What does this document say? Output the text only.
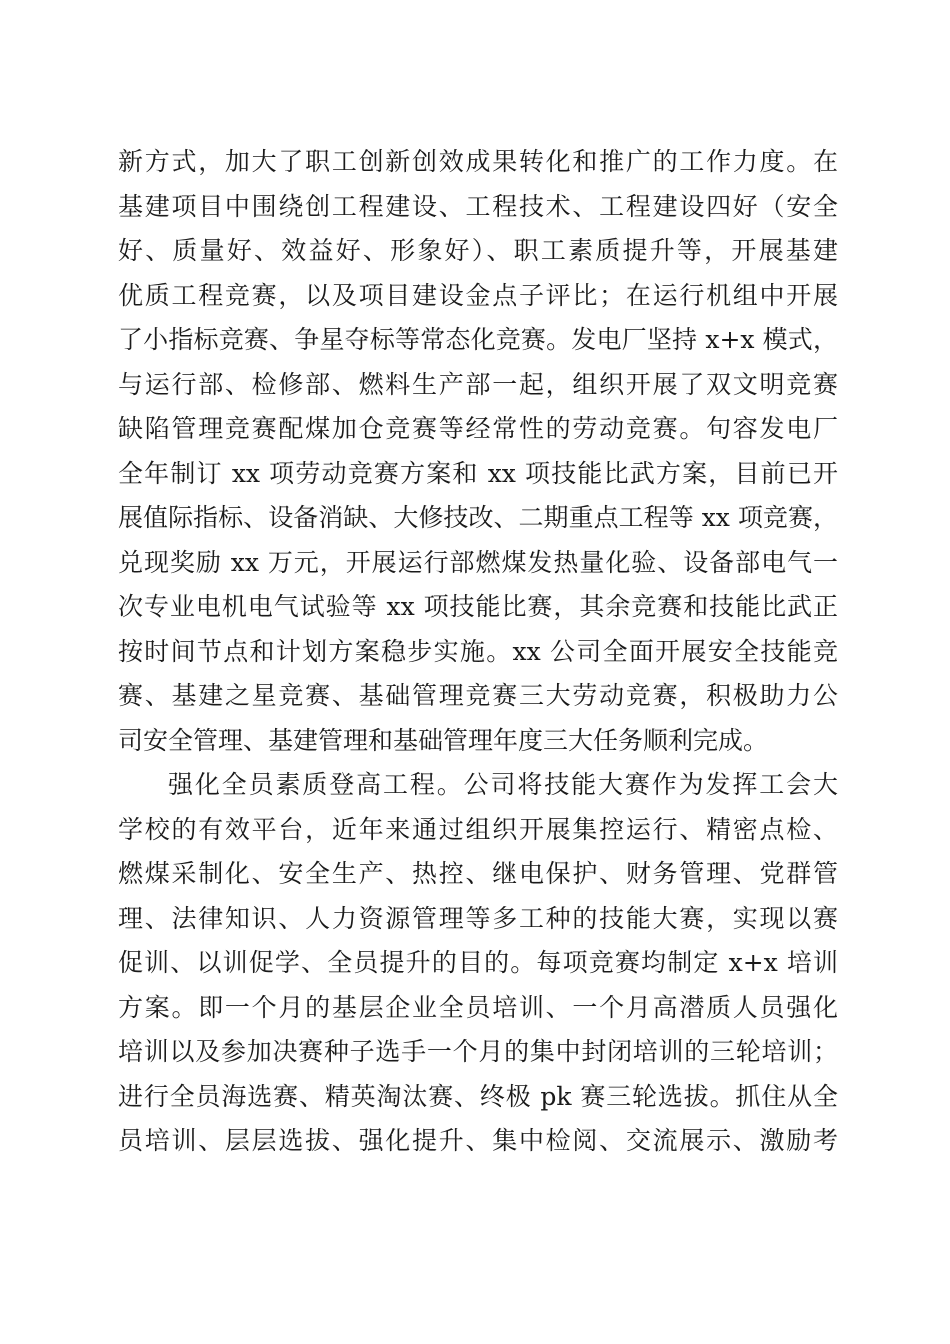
新方式，加大了职工创新创效成果转化和推广的工作力度。在
基建项目中围绕创工程建设、工程技术、工程建设四好（安全
好、质量好、效益好、形象好）、职工素质提升等，开展基建
优质工程竞赛，以及项目建设金点子评比；在运行机组中开展
了小指标竞赛、争星夺标等常态化竞赛。发电厂坚持 x+x 模式，
与运行部、检修部、燃料生产部一起，组织开展了双文明竞赛
缺陷管理竞赛配煤加仓竞赛等经常性的劳动竞赛。句容发电厂
全年制订 xx 项劳动竞赛方案和 xx 项技能比武方案，目前已开
展值际指标、设备消缺、大修技改、二期重点工程等 xx 项竞赛，
兑现奖励 xx 万元，开展运行部燃煤发热量化验、设备部电气一
次专业电机电气试验等 xx 项技能比赛，其余竞赛和技能比武正
按时间节点和计划方案稳步实施。xx 公司全面开展安全技能竞
赛、基建之星竞赛、基础管理竞赛三大劳动竞赛，积极助力公
司安全管理、基建管理和基础管理年度三大任务顺利完成。
强化全员素质登高工程。公司将技能大赛作为发挥工会大
学校的有效平台，近年来通过组织开展集控运行、精密点检、
燃煤采制化、安全生产、热控、继电保护、财务管理、党群管
理、法律知识、人力资源管理等多工种的技能大赛，实现以赛
促训、以训促学、全员提升的目的。每项竞赛均制定 x+x 培训
方案。即一个月的基层企业全员培训、一个月高潜质人员强化
培训以及参加决赛种子选手一个月的集中封闭培训的三轮培训；
进行全员海选赛、精英淘汰赛、终极 pk 赛三轮选拔。抓住从全
员培训、层层选拔、强化提升、集中检阅、交流展示、激励考
